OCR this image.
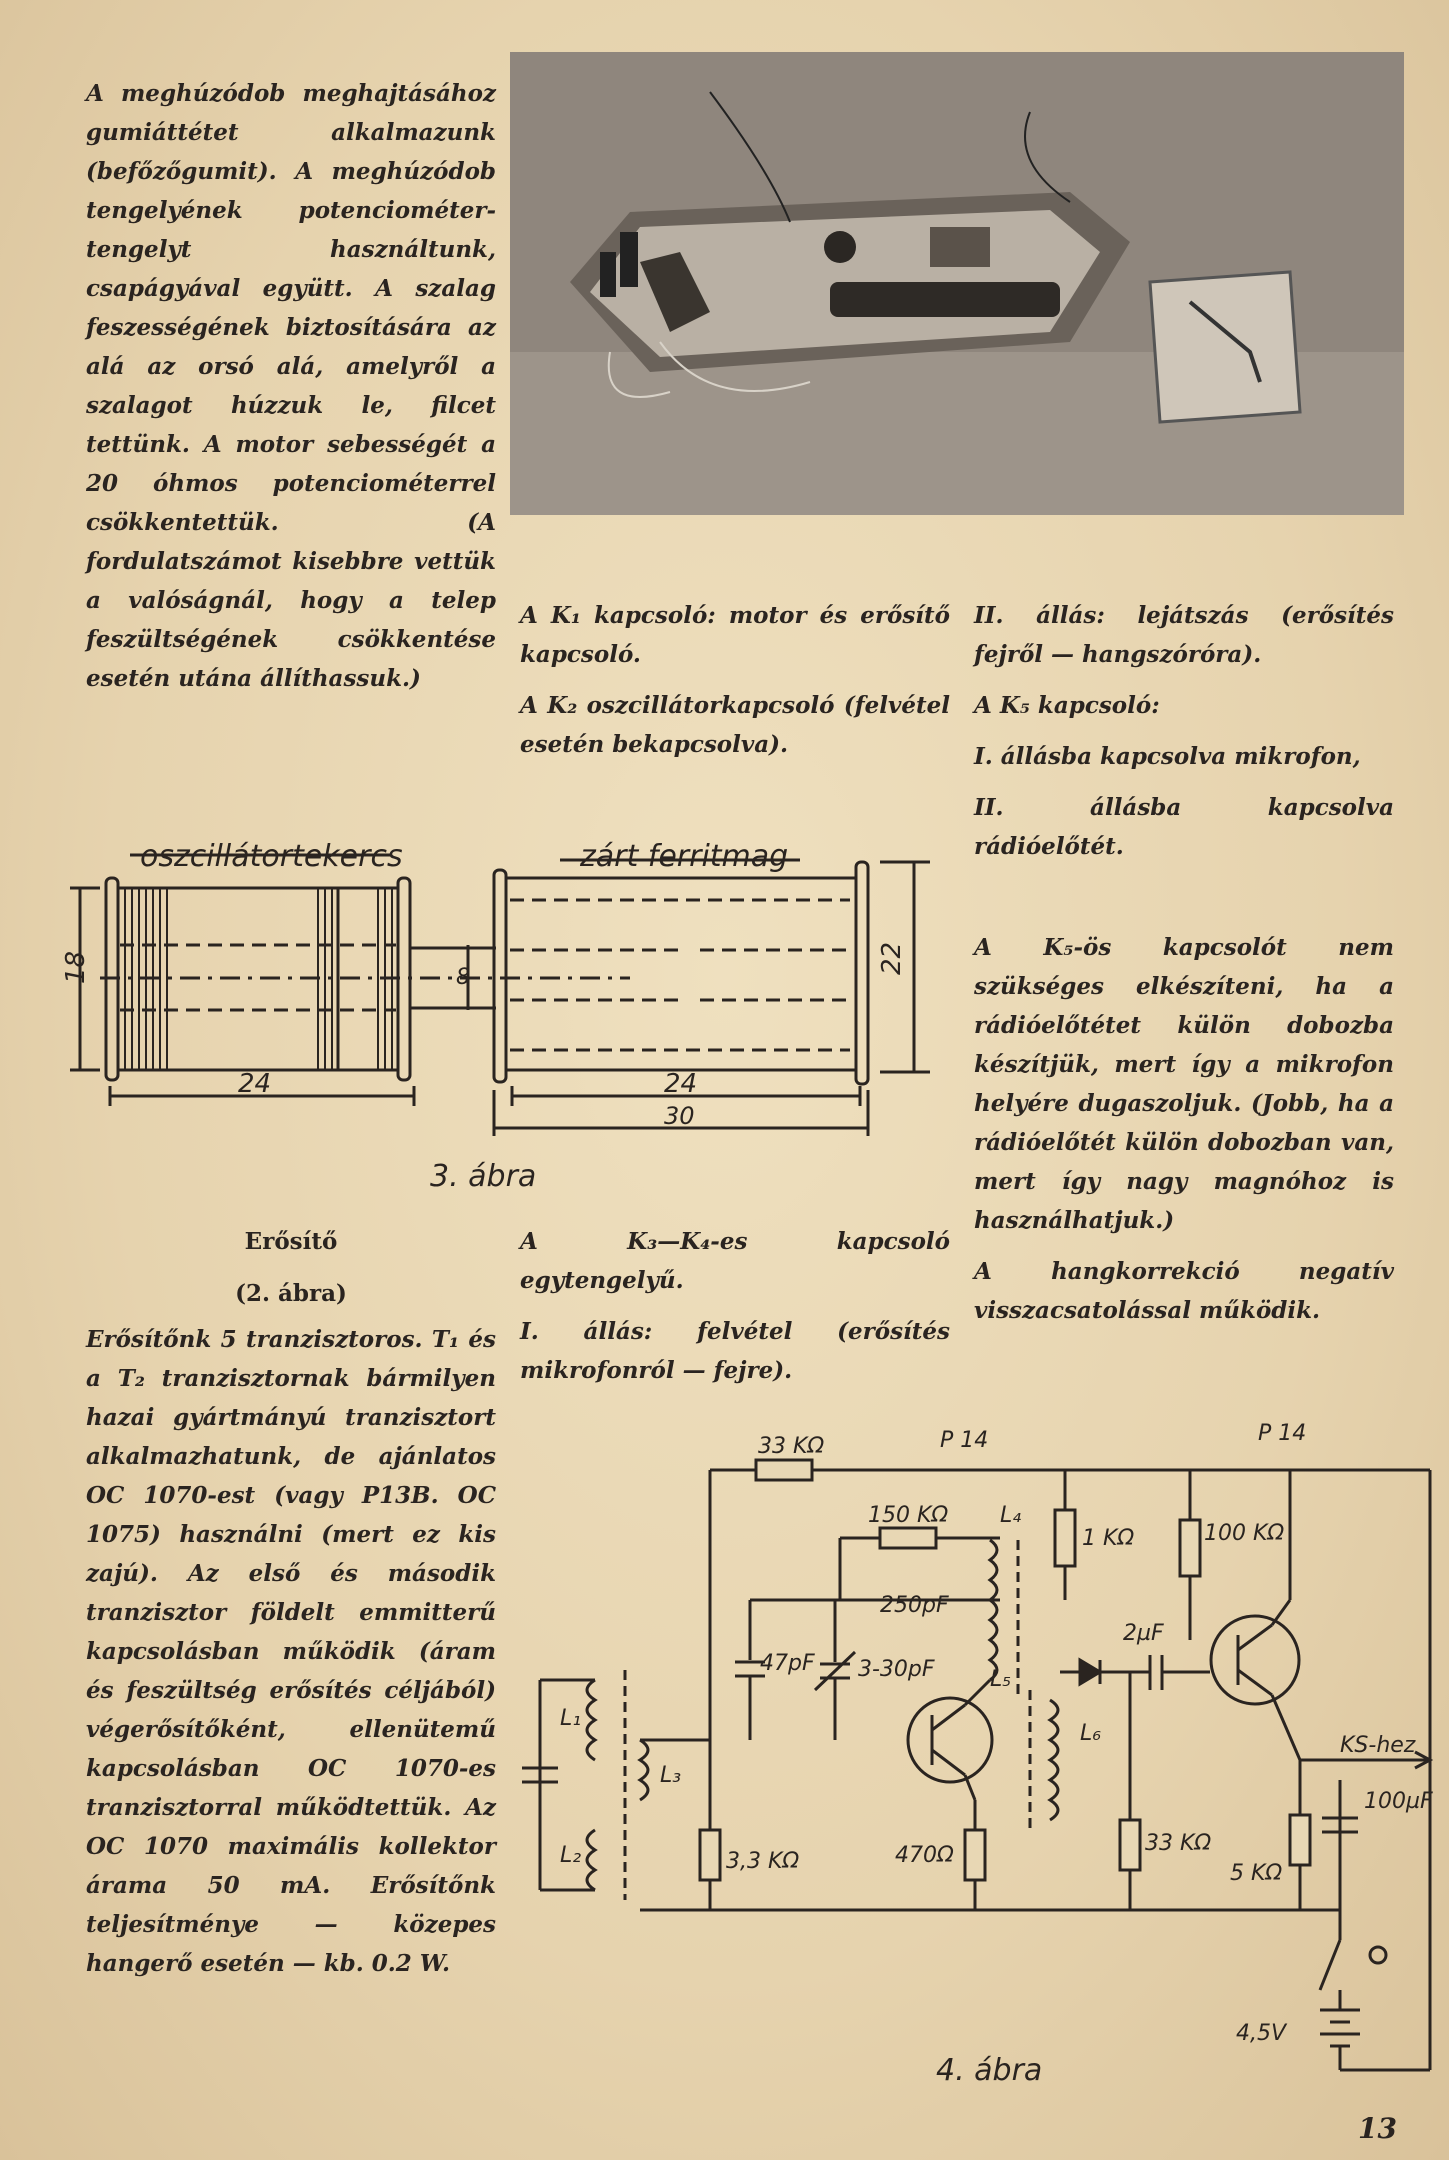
A meghúzódob meghajtásához gumiáttétet alkalmazunk (befőzőgumit). A meghúzódob tengelyének potenciométer-tengelyt használtunk, csapágyával együtt. A szalag feszességének biztosítására az alá az orsó alá, amelyről a szalagot húzzuk le, filcet tettünk. A motor sebességét a 20 óhmos potenciométerrel csökkentettük. (A fordulatszámot kisebbre vettük a valóságnál, hogy a telep feszültségének csökkentése esetén utána állíthassuk.)

A K₁ kapcsoló: motor és erősítő kapcsoló.

A K₂ oszcillátorkapcsoló (felvétel esetén bekapcsolva).

II. állás: lejátszás (erősítés fejről — hangszóróra).

A K₅ kapcsoló:

I. állásba kapcsolva mikrofon,

II. állásba kapcsolva rádióelőtét.

A K₅-ös kapcsolót nem szükséges elkészíteni, ha a rádióelőtétet külön dobozba készítjük, mert így a mikrofon helyére dugaszoljuk. (Jobb, ha a rádióelőtét külön dobozban van, mert így nagy magnóhoz is használhatjuk.)

A hangkorrekció negatív visszacsatolással működik.

oszcillátortekercs	zárt ferritmag
18	8
22
24	24
30
3. ábra
Erősítő
(2. ábra)

Erősítőnk 5 tranzisztoros. T₁ és a T₂ tranzisztornak bármilyen hazai gyártmányú tranzisztort alkalmazhatunk, de ajánlatos OC 1070-est (vagy P13B. OC 1075) használni (mert ez kis zajú). Az első és második tranzisztor földelt emmitterű kapcsolásban működik (áram és feszültség erősítés céljából) végerősítőként, ellenütemű kapcsolásban OC 1070-es tranzisztorral működtettük. Az OC 1070 maximális kollektor árama 50 mA. Erősítőnk teljesítménye — közepes hangerő esetén — kb. 0.2 W.

A K₃—K₄-es kapcsoló egytengelyű.

I. állás: felvétel (erősítés mikrofonról — fejre).

33 KΩ	P 14	P 14
150 KΩ L₄
1 KΩ	100 KΩ
250pF
2µF
47pF 3-30pF	L₅
L₆
L₁
L₂
L₃
KS-hez
100µF
3,3 KΩ	470Ω	33 KΩ
5 KΩ
4,5V
4. ábra
13
